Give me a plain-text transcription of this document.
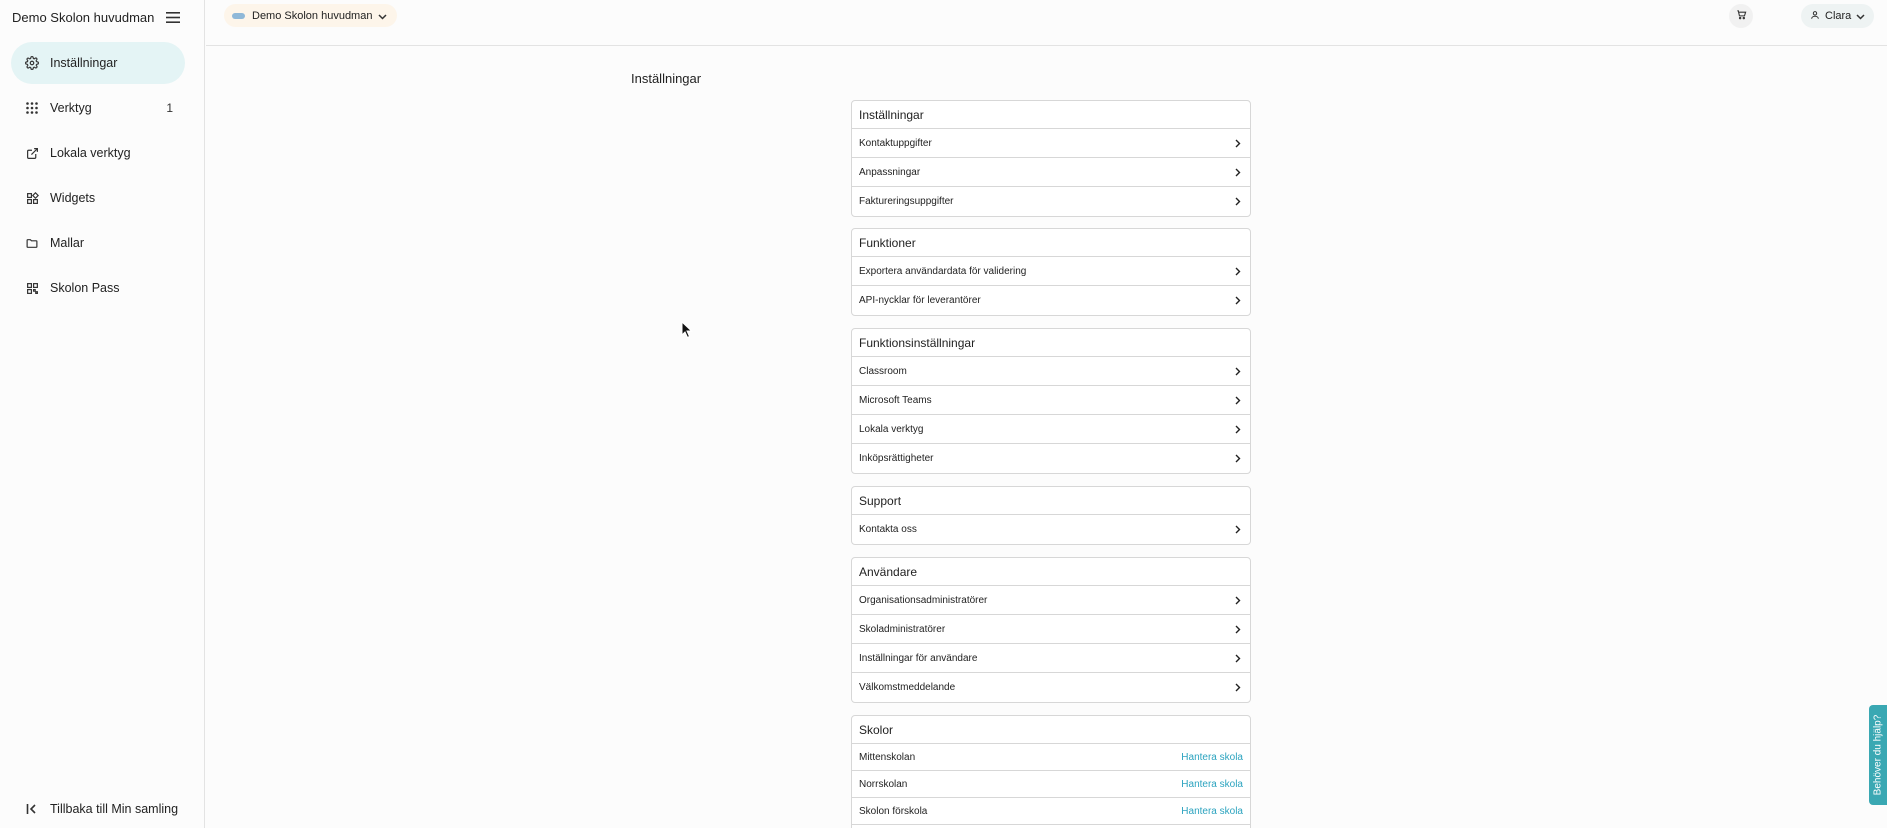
Demo Skolon huvudman
Inställningar
Verktyg	1
Lokala verktyg
Widgets
Mallar
Skolon Pass
Tillbaka till Min samling
Demo Skolon huvudman	Clara
Inställningar
Inställningar
Kontaktuppgifter
Anpassningar
Faktureringsuppgifter
Funktioner
Exportera användardata för validering
API-nycklar för leverantörer
Funktionsinställningar
Classroom
Microsoft Teams
Lokala verktyg
Inköpsrättigheter
Support
Kontakta oss
Användare
Organisationsadministratörer
Skoladministratörer
Inställningar för användare
Välkomstmeddelande
Skolor
Mittenskolan	Hantera skola
Norrskolan	Hantera skola
Skolon förskola	Hantera skola
Behöver du hjälp?
